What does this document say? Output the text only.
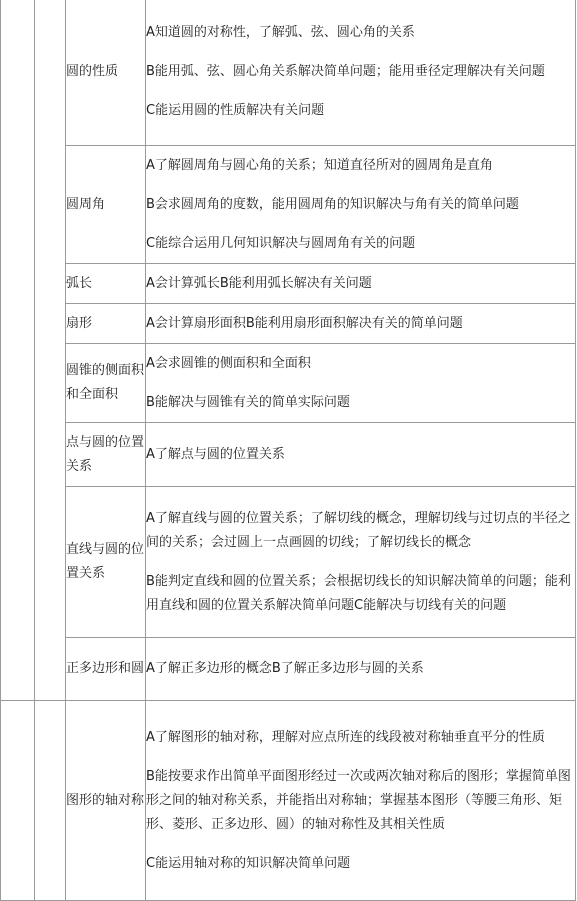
		圆的性质	A知道圆的对称性，了解弧、弦、圆心角的关系

B能用弧、弦、圆心角关系解决简单问题；能用垂径定理解决有关问题

C能运用圆的性质解决有关问题

		圆周角	A了解圆周角与圆心角的关系；知道直径所对的圆周角是直角

B会求圆周角的度数，能用圆周角的知识解决与角有关的简单问题

C能综合运用几何知识解决与圆周角有关的问题

		弧长	A会计算弧长B能利用弧长解决有关问题

		扇形	A会计算扇形面积B能利用扇形面积解决有关的简单问题

		圆锥的侧面积和全面积	A会求圆锥的侧面积和全面积

B能解决与圆锥有关的简单实际问题

		点与圆的位置关系	A了解点与圆的位置关系

		直线与圆的位置关系	A了解直线与圆的位置关系；了解切线的概念，理解切线与过切点的半径之间的关系；会过圆上一点画圆的切线；了解切线长的概念

B能判定直线和圆的位置关系；会根据切线长的知识解决简单的问题；能利用直线和圆的位置关系解决简单问题C能解决与切线有关的问题

		正多边形和圆	A了解正多边形的概念B了解正多边形与圆的关系

		图形的轴对称	A了解图形的轴对称，理解对应点所连的线段被对称轴垂直平分的性质

B能按要求作出简单平面图形经过一次或两次轴对称后的图形；掌握简单图形之间的轴对称关系，并能指出对称轴；掌握基本图形（等腰三角形、矩形、菱形、正多边形、圆）的轴对称性及其相关性质

C能运用轴对称的知识解决简单问题
